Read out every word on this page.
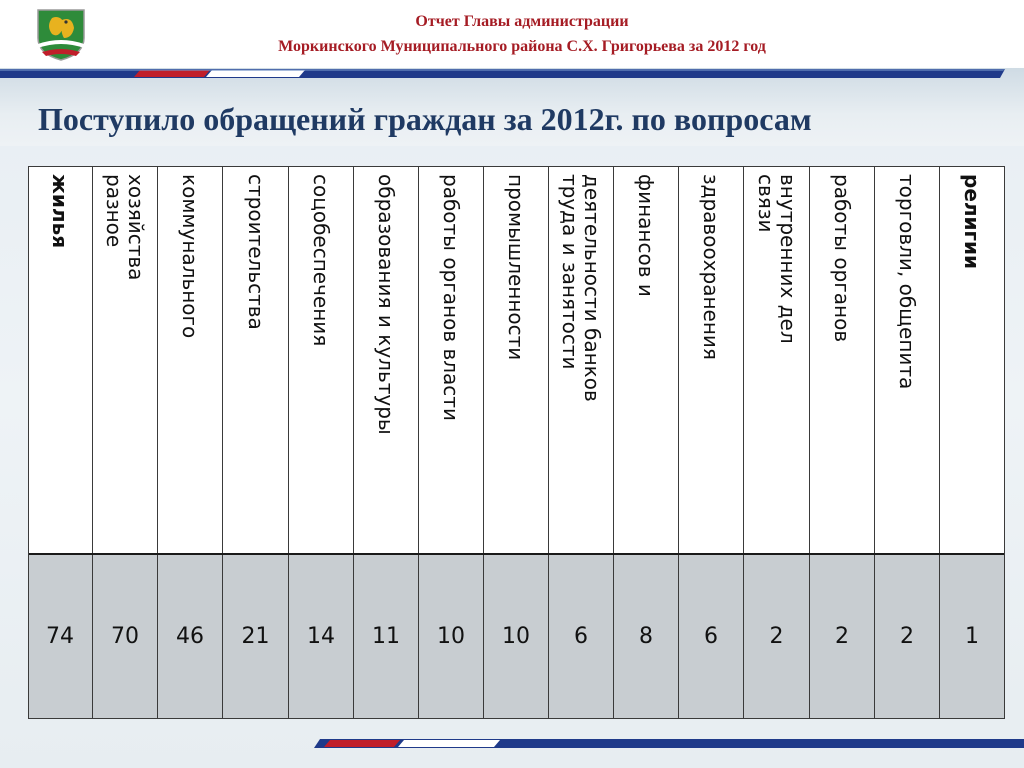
Отчет Главы администрации
Моркинского Муниципального района С.Х. Григорьева за 2012 год
Поступило обращений граждан за 2012г. по вопросам
жилья
74
хозяйства
разное
70
коммунального
46
строительства
21
соцобеспечения
14
образования и культуры
11
работы органов власти
10
промышленности
10
деятельности банков
труда и занятости
6
финансов и
8
здравоохранения
6
внутренних дел
связи
2
работы органов
2
торговли, общепита
2
религии
1
